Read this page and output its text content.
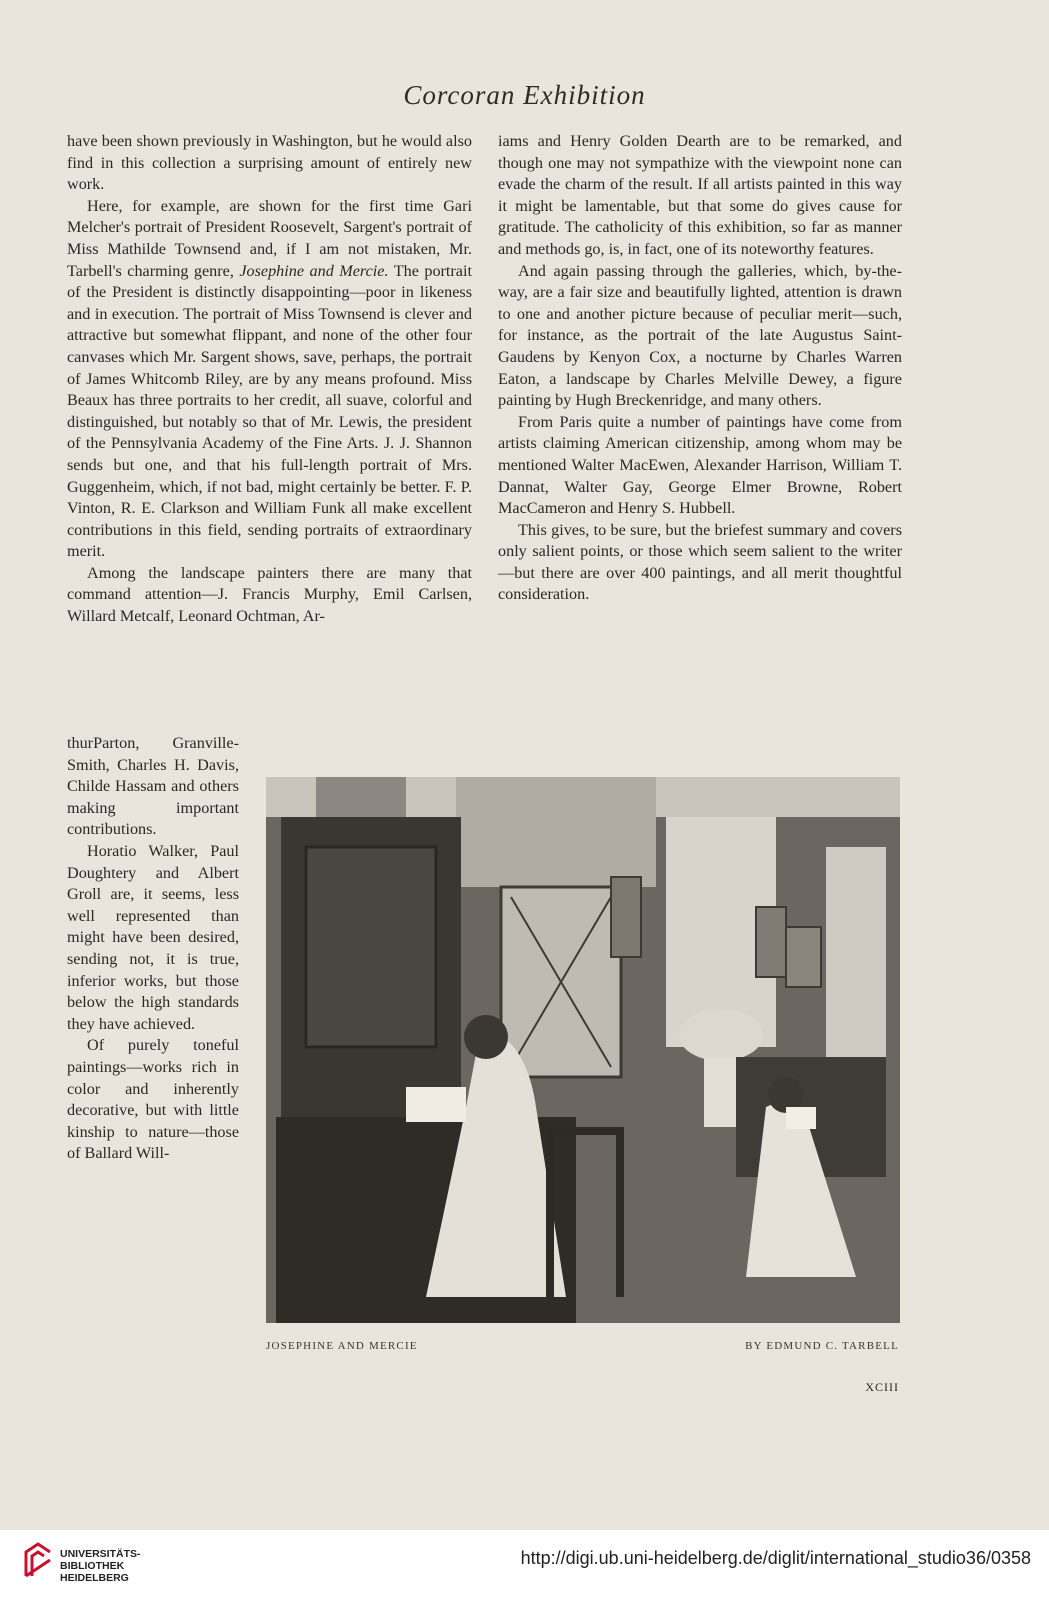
Corcoran Exhibition

have been shown previously in Washington, but he would also find in this collection a surprising amount of entirely new work.

Here, for example, are shown for the first time Gari Melcher's portrait of President Roosevelt, Sargent's portrait of Miss Mathilde Townsend and, if I am not mistaken, Mr. Tarbell's charming genre, Josephine and Mercie. The portrait of the President is distinctly disappointing—poor in likeness and in execution. The portrait of Miss Townsend is clever and attractive but somewhat flippant, and none of the other four canvases which Mr. Sargent shows, save, perhaps, the portrait of James Whitcomb Riley, are by any means profound. Miss Beaux has three portraits to her credit, all suave, colorful and distinguished, but notably so that of Mr. Lewis, the president of the Pennsylvania Academy of the Fine Arts. J. J. Shannon sends but one, and that his full-length portrait of Mrs. Guggenheim, which, if not bad, might certainly be better. F. P. Vinton, R. E. Clarkson and William Funk all make excellent contributions in this field, sending portraits of extraordinary merit.

Among the landscape painters there are many that command attention—J. Francis Murphy, Emil Carlsen, Willard Metcalf, Leonard Ochtman, Ar-

thurParton, Granville-Smith, Charles H. Davis, Childe Hassam and others making important contributions.

Horatio Walker, Paul Doughtery and Albert Groll are, it seems, less well represented than might have been desired, sending not, it is true, inferior works, but those below the high standards they have achieved.

Of purely toneful paintings—works rich in color and inherently decorative, but with little kinship to nature—those of Ballard Will-

iams and Henry Golden Dearth are to be remarked, and though one may not sympathize with the viewpoint none can evade the charm of the result. If all artists painted in this way it might be lamentable, but that some do gives cause for gratitude. The catholicity of this exhibition, so far as manner and methods go, is, in fact, one of its noteworthy features.

And again passing through the galleries, which, by-the-way, are a fair size and beautifully lighted, attention is drawn to one and another picture because of peculiar merit—such, for instance, as the portrait of the late Augustus Saint-Gaudens by Kenyon Cox, a nocturne by Charles Warren Eaton, a landscape by Charles Melville Dewey, a figure painting by Hugh Breckenridge, and many others.

From Paris quite a number of paintings have come from artists claiming American citizenship, among whom may be mentioned Walter MacEwen, Alexander Harrison, William T. Dannat, Walter Gay, George Elmer Browne, Robert MacCameron and Henry S. Hubbell.

This gives, to be sure, but the briefest summary and covers only salient points, or those which seem salient to the writer—but there are over 400 paintings, and all merit thoughtful consideration.

JOSEPHINE AND MERCIE	BY EDMUND C. TARBELL
XCIII
UNIVERSITÄTS-
BIBLIOTHEK
HEIDELBERG
http://digi.ub.uni-heidelberg.de/diglit/international_studio36/0358
